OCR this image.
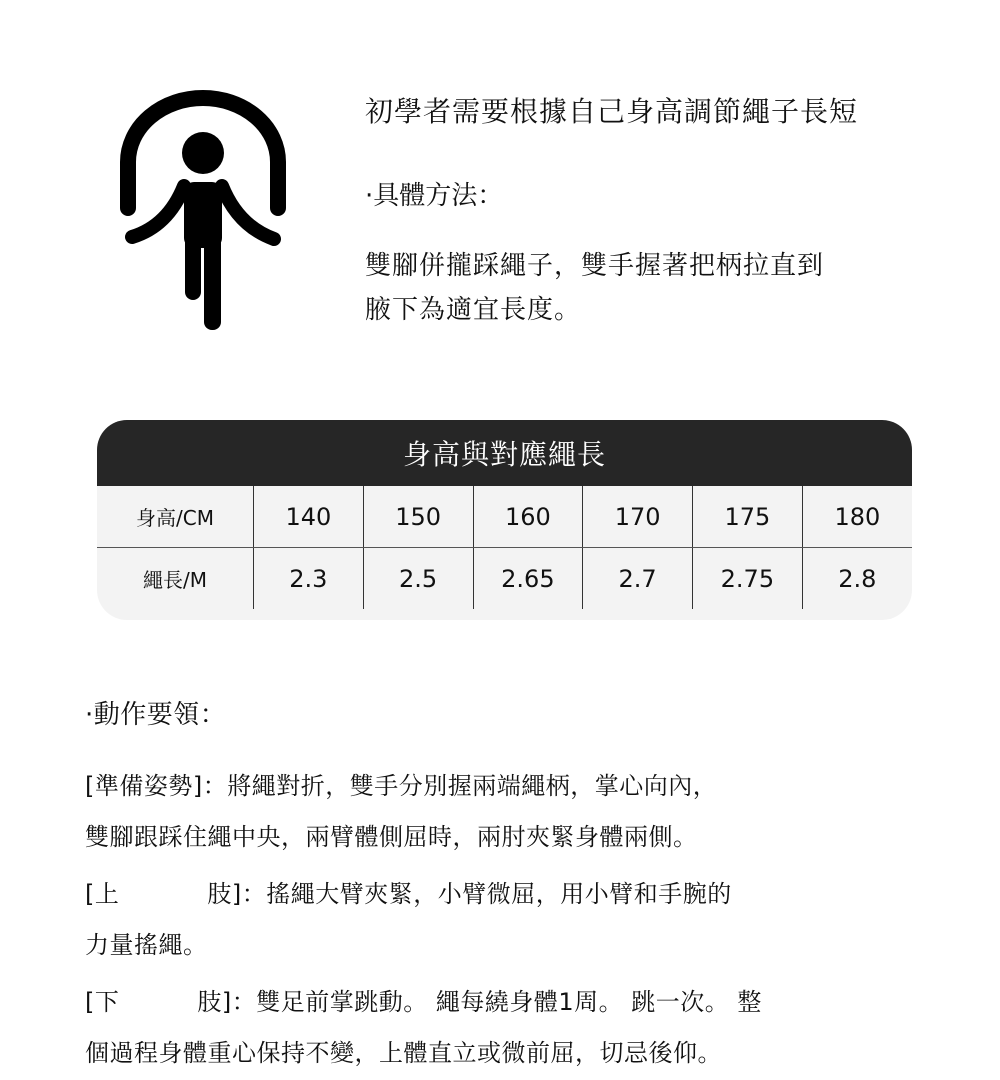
初學者需要根據自己身高調節繩子長短

·具體方法：
雙腳併攏踩繩子，雙手握著把柄拉直到
腋下為適宜長度。
身高與對應繩長
身高/CM	140	150	160	170	175	180
繩長/M	2.3	2.5	2.65	2.7	2.75	2.8

·動作要領：

[準備姿勢]：將繩對折，雙手分別握兩端繩柄，掌心向內，

雙腳跟踩住繩中央，兩臂體側屈時，兩肘夾緊身體兩側。

[上	肢]：搖繩大臂夾緊，小臂微屈，用小臂和手腕的

力量搖繩。

[下	肢]：雙足前掌跳動。 繩每繞身體1周。 跳一次。 整

個過程身體重心保持不變，上體直立或微前屈，切忌後仰。
